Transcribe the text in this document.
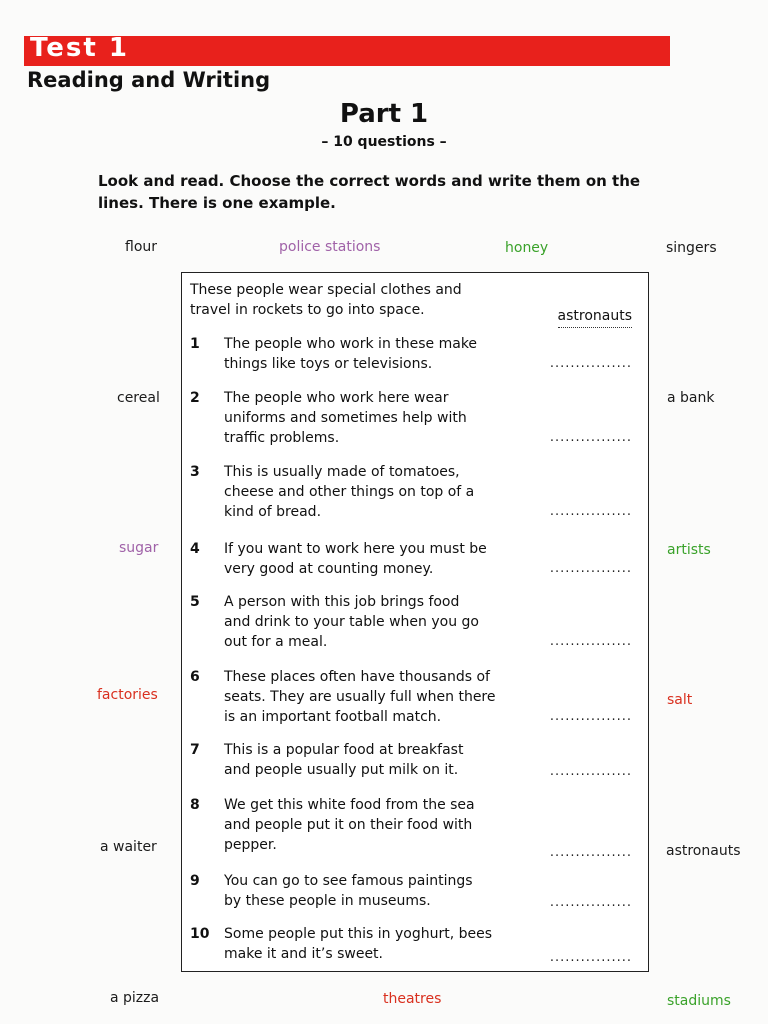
Test 1
Reading and Writing
Part 1
– 10 questions –
Look and read. Choose the correct words and write them on the lines. There is one example.
flour	police stations	honey	singers
cereal	a bank
sugar	artists
factories	salt
a waiter	astronauts
a pizza	theatres	stadiums
These people wear special clothes and
travel in rockets to go into space.	astronauts
1 The people who work in these make
things like toys or televisions.	................
2 The people who work here wear
uniforms and sometimes help with
traffic problems.	................
3 This is usually made of tomatoes,
cheese and other things on top of a
kind of bread.	................
4 If you want to work here you must be
very good at counting money.	................
5 A person with this job brings food
and drink to your table when you go
out for a meal.	................
6 These places often have thousands of
seats. They are usually full when there
is an important football match.	................
7 This is a popular food at breakfast
and people usually put milk on it.	................
8 We get this white food from the sea
and people put it on their food with
pepper.	................
9 You can go to see famous paintings
by these people in museums.	................
10 Some people put this in yoghurt, bees
make it and it’s sweet.	................
